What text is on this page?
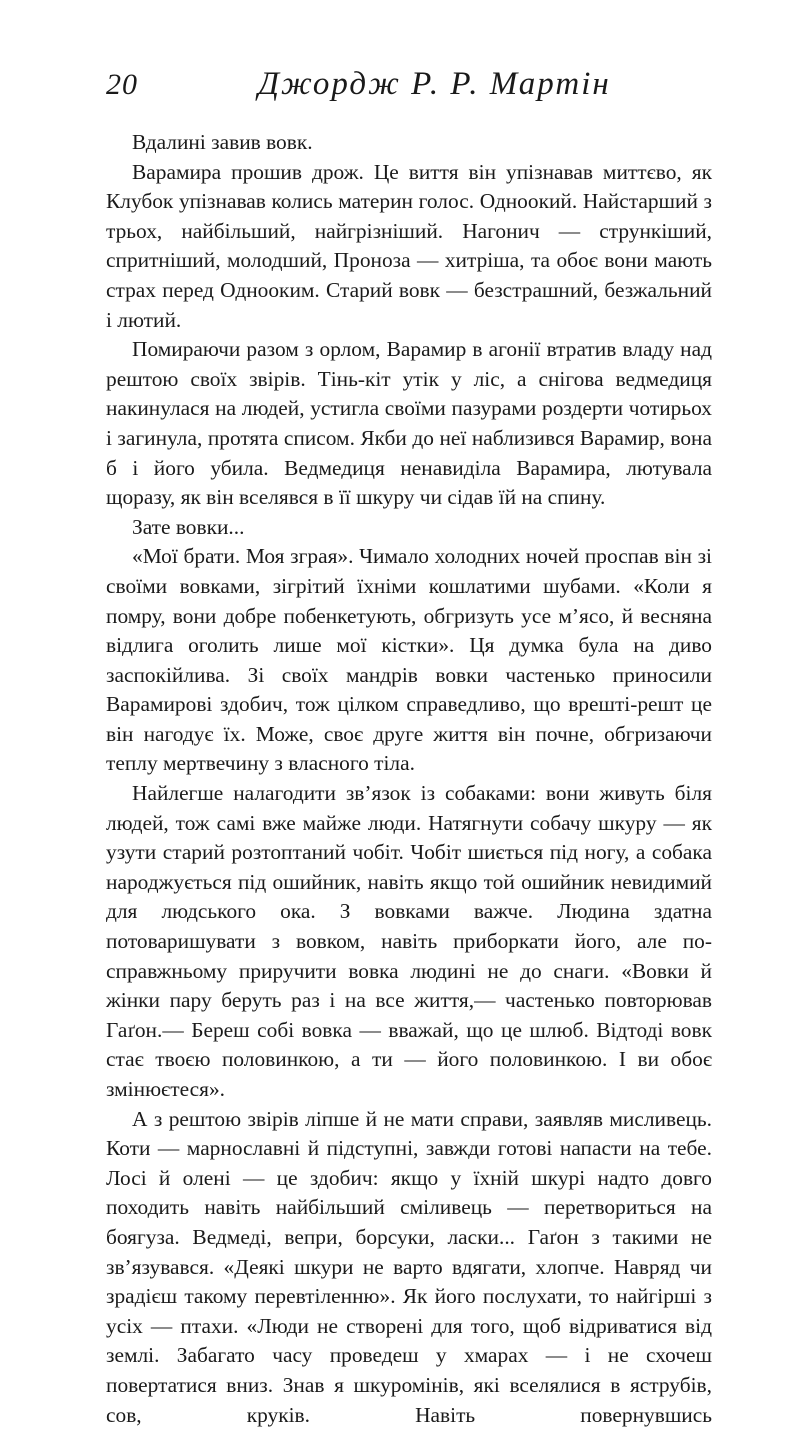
20	Джордж Р. Р. Мартін

Вдалині завив вовк.

Варамира прошив дрож. Це виття він упізнавав миттєво, як Клубок упізнавав колись материн голос. Одноокий. Найстарший з трьох, найбільший, найгрізніший. Нагонич — стрункіший, спритніший, молодший, Проноза — хитріша, та обоє вони мають страх перед Однооким. Старий вовк — безстрашний, безжальний і лютий.

Помираючи разом з орлом, Варамир в агонії втратив владу над рештою своїх звірів. Тінь-кіт утік у ліс, а снігова ведмедиця накинулася на людей, устигла своїми пазурами роздерти чотирьох і загинула, протята списом. Якби до неї наблизився Варамир, вона б і його убила. Ведмедиця ненавиділа Варамира, лютувала щоразу, як він вселявся в її шкуру чи сідав їй на спину.

Зате вовки...

«Мої брати. Моя зграя». Чимало холодних ночей проспав він зі своїми вовками, зігрітий їхніми кошлатими шубами. «Коли я помру, вони добре побенкетують, обгризуть усе м’ясо, й весняна відлига оголить лише мої кістки». Ця думка була на диво заспокійлива. Зі своїх мандрів вовки частенько приносили Варамирові здобич, тож цілком справедливо, що врешті-решт це він нагодує їх. Може, своє друге життя він почне, обгризаючи теплу мертвечину з власного тіла.

Найлегше налагодити зв’язок із собаками: вони живуть біля людей, тож самі вже майже люди. Натягнути собачу шкуру — як узути старий розтоптаний чобіт. Чобіт шиється під ногу, а собака народжується під ошийник, навіть якщо той ошийник невидимий для людського ока. З вовками важче. Людина здатна потоваришувати з вовком, навіть приборкати його, але по-справжньому приручити вовка людині не до снаги. «Вовки й жінки пару беруть раз і на все життя,— частенько повторював Гаґон.— Береш собі вовка — вважай, що це шлюб. Відтоді вовк стає твоєю половинкою, а ти — його половинкою. І ви обоє змінюєтеся».

А з рештою звірів ліпше й не мати справи, заявляв мисливець. Коти — марнославні й підступні, завжди готові напасти на тебе. Лосі й олені — це здобич: якщо у їхній шкурі надто довго походить навіть найбільший сміливець — перетвориться на боягуза. Ведмеді, вепри, борсуки, ласки... Гаґон з такими не зв’язувався. «Деякі шкури не варто вдягати, хлопче. Навряд чи зрадієш такому перевтіленню». Як його послухати, то найгірші з усіх — птахи. «Люди не створені для того, щоб відриватися від землі. Забагато часу проведеш у хмарах — і не схочеш повертатися вниз. Знав я шкуромінів, які вселялися в яструбів, сов, круків. Навіть повернувшись
